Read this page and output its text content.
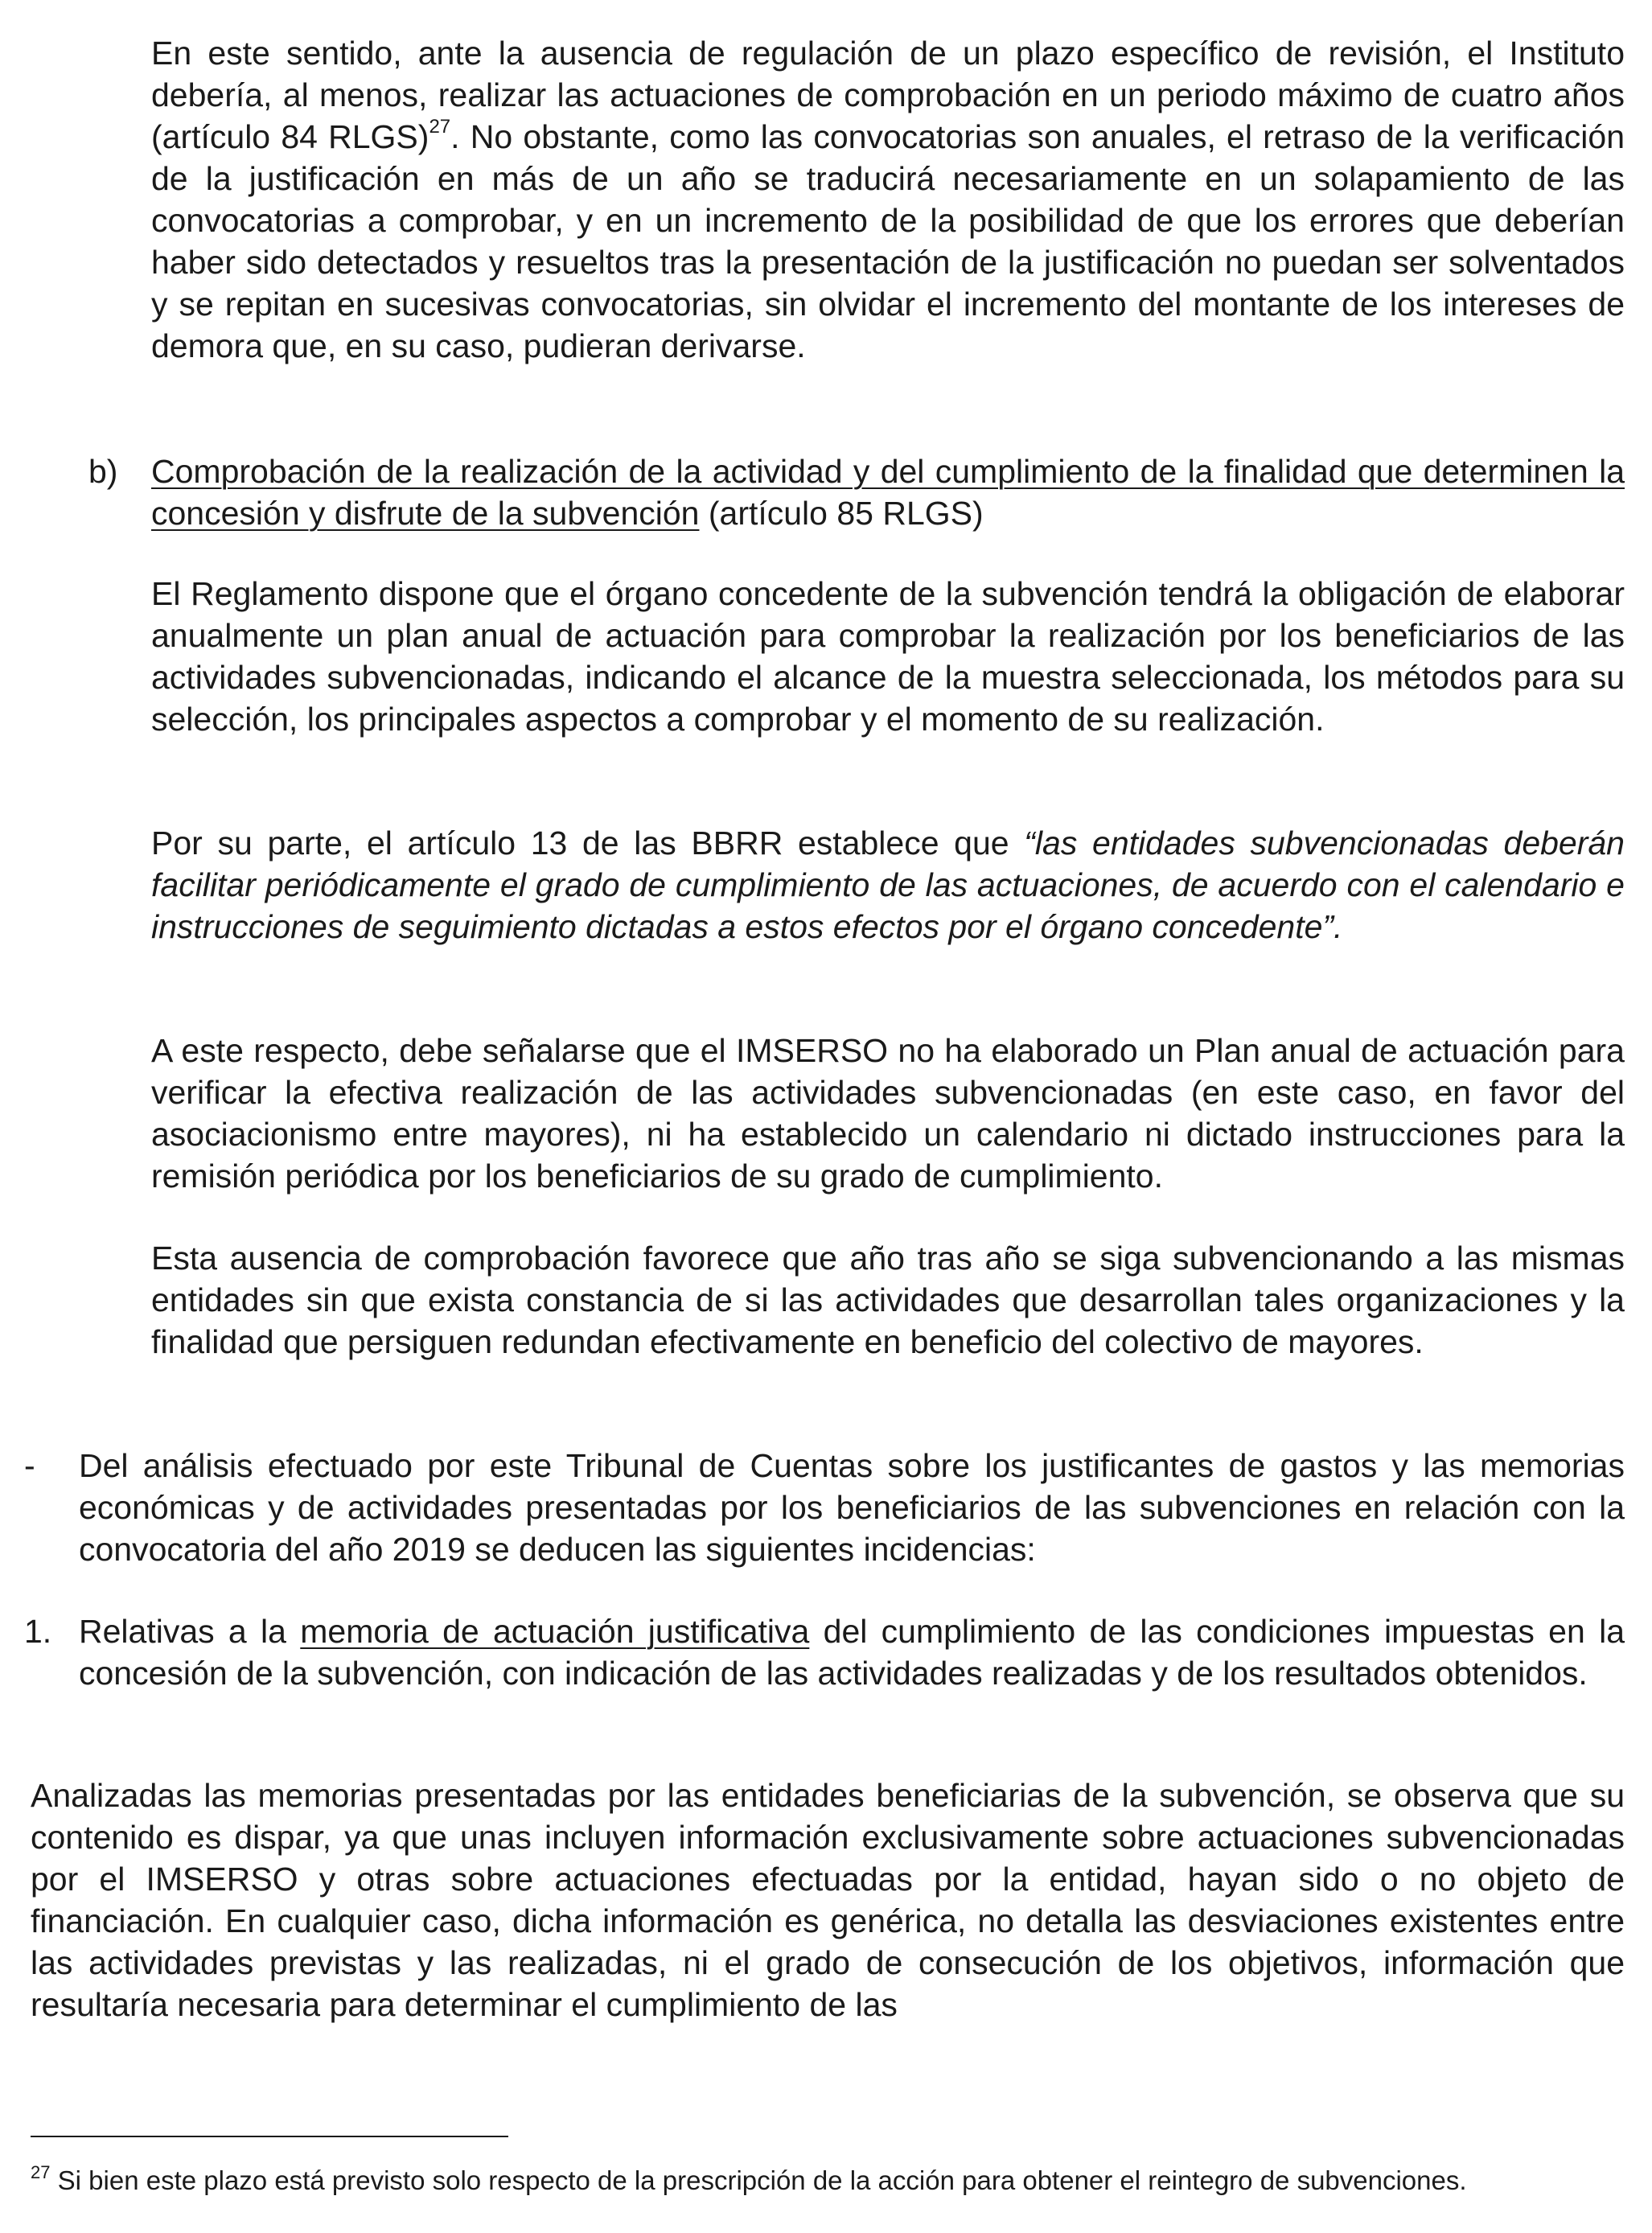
En este sentido, ante la ausencia de regulación de un plazo específico de revisión, el Instituto debería, al menos, realizar las actuaciones de comprobación en un periodo máximo de cuatro años (artículo 84 RLGS)$^{27}$. No obstante, como las convocatorias son anuales, el retraso de la verificación de la justificación en más de un año se traducirá necesariamente en un solapamiento de las convocatorias a comprobar, y en un incremento de la posibilidad de que los errores que deberían haber sido detectados y resueltos tras la presentación de la justificación no puedan ser solventados y se repitan en sucesivas convocatorias, sin olvidar el incremento del montante de los intereses de demora que, en su caso, pudieran derivarse.

b) Comprobación de la realización de la actividad y del cumplimiento de la finalidad que determinen la concesión y disfrute de la subvención (artículo 85 RLGS)

El Reglamento dispone que el órgano concedente de la subvención tendrá la obligación de elaborar anualmente un plan anual de actuación para comprobar la realización por los beneficiarios de las actividades subvencionadas, indicando el alcance de la muestra seleccionada, los métodos para su selección, los principales aspectos a comprobar y el momento de su realización.

Por su parte, el artículo 13 de las BBRR establece que “las entidades subvencionadas deberán facilitar periódicamente el grado de cumplimiento de las actuaciones, de acuerdo con el calendario e instrucciones de seguimiento dictadas a estos efectos por el órgano concedente”.

A este respecto, debe señalarse que el IMSERSO no ha elaborado un Plan anual de actuación para verificar la efectiva realización de las actividades subvencionadas (en este caso, en favor del asociacionismo entre mayores), ni ha establecido un calendario ni dictado instrucciones para la remisión periódica por los beneficiarios de su grado de cumplimiento.

Esta ausencia de comprobación favorece que año tras año se siga subvencionando a las mismas entidades sin que exista constancia de si las actividades que desarrollan tales organizaciones y la finalidad que persiguen redundan efectivamente en beneficio del colectivo de mayores.

- Del análisis efectuado por este Tribunal de Cuentas sobre los justificantes de gastos y las memorias económicas y de actividades presentadas por los beneficiarios de las subvenciones en relación con la convocatoria del año 2019 se deducen las siguientes incidencias:

1. Relativas a la memoria de actuación justificativa del cumplimiento de las condiciones impuestas en la concesión de la subvención, con indicación de las actividades realizadas y de los resultados obtenidos.

Analizadas las memorias presentadas por las entidades beneficiarias de la subvención, se observa que su contenido es dispar, ya que unas incluyen información exclusivamente sobre actuaciones subvencionadas por el IMSERSO y otras sobre actuaciones efectuadas por la entidad, hayan sido o no objeto de financiación. En cualquier caso, dicha información es genérica, no detalla las desviaciones existentes entre las actividades previstas y las realizadas, ni el grado de consecución de los objetivos, información que resultaría necesaria para determinar el cumplimiento de las

$^{27}$ Si bien este plazo está previsto solo respecto de la prescripción de la acción para obtener el reintegro de subvenciones.
